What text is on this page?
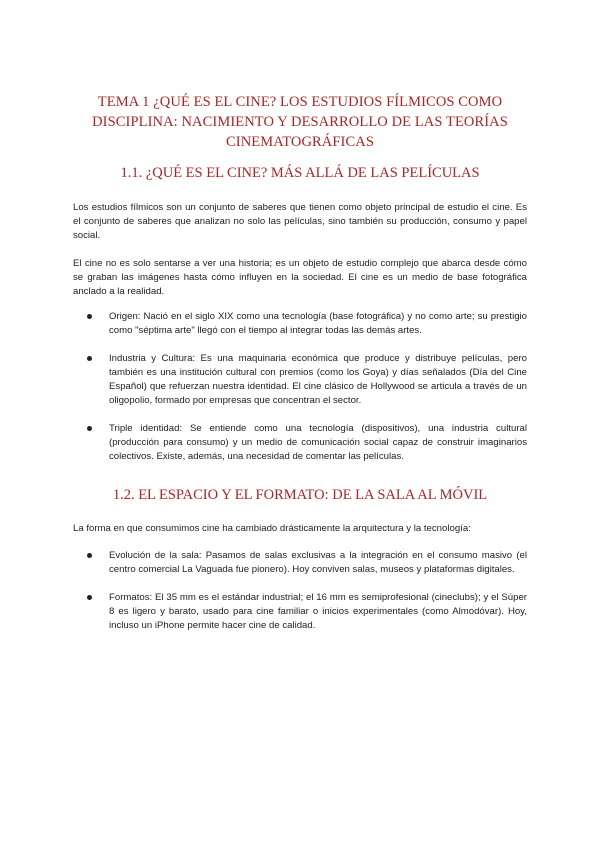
TEMA 1 ¿QUÉ ES EL CINE? LOS ESTUDIOS FÍLMICOS COMO DISCIPLINA: NACIMIENTO Y DESARROLLO DE LAS TEORÍAS CINEMATOGRÁFICAS
1.1. ¿QUÉ ES EL CINE? MÁS ALLÁ DE LAS PELÍCULAS

Los estudios fílmicos son un conjunto de saberes que tienen como objeto principal de estudio el cine. Es el conjunto de saberes que analizan no solo las películas, sino también su producción, consumo y papel social.

El cine no es solo sentarse a ver una historia; es un objeto de estudio complejo que abarca desde cómo se graban las imágenes hasta cómo influyen en la sociedad. El cine es un medio de base fotográfica anclado a la realidad.

Origen: Nació en el siglo XIX como una tecnología (base fotográfica) y no como arte; su prestigio como "séptima arte" llegó con el tiempo al integrar todas las demás artes.
Industria y Cultura: Es una maquinaria económica que produce y distribuye películas, pero también es una institución cultural con premios (como los Goya) y días señalados (Día del Cine Español) que refuerzan nuestra identidad. El cine clásico de Hollywood se articula a través de un oligopolio, formado por empresas que concentran el sector.
Triple identidad: Se entiende como una tecnología (dispositivos), una industria cultural (producción para consumo) y un medio de comunicación social capaz de construir imaginarios colectivos. Existe, además, una necesidad de comentar las películas.
1.2. EL ESPACIO Y EL FORMATO: DE LA SALA AL MÓVIL

La forma en que consumimos cine ha cambiado drásticamente la arquitectura y la tecnología:

Evolución de la sala: Pasamos de salas exclusivas a la integración en el consumo masivo (el centro comercial La Vaguada fue pionero). Hoy conviven salas, museos y plataformas digitales.
Formatos: El 35 mm es el estándar industrial; el 16 mm es semiprofesional (cineclubs); y el Súper 8 es ligero y barato, usado para cine familiar o inicios experimentales (como Almodóvar). Hoy, incluso un iPhone permite hacer cine de calidad.
